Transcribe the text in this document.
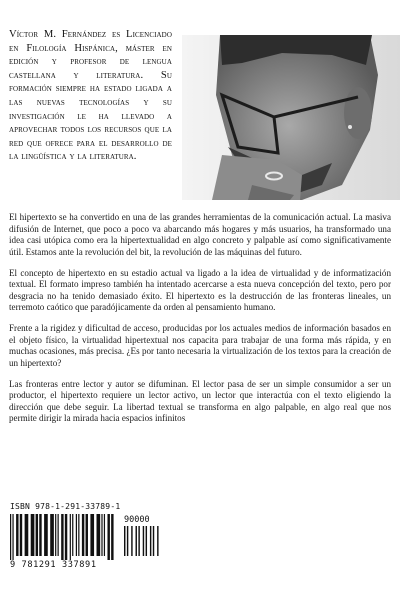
Víctor M. Fernández es Licenciado en Filología Hispánica, máster en edición y profesor de lengua castellana y literatura. Su formación siempre ha estado ligada a las nuevas tecnologías y su investigación le ha llevado a aprovechar todos los recursos que la red que ofrece para el desarrollo de la lingüística y la literatura.

El hipertexto se ha convertido en una de las grandes herramientas de la comunicación actual. La masiva difusión de Internet, que poco a poco va abarcando más hogares y más usuarios, ha transformado una idea casi utópica como era la hipertextualidad en algo concreto y palpable así como significativamente útil. Estamos ante la revolución del bit, la revolución de las máquinas del futuro.

El concepto de hipertexto en su estadio actual va ligado a la idea de virtualidad y de informatización textual. El formato impreso también ha intentado acercarse a esta nueva concepción del texto, pero por desgracia no ha tenido demasiado éxito. El hipertexto es la destrucción de las fronteras lineales, un terremoto caótico que paradójicamente da orden al pensamiento humano.

Frente a la rigidez y dificultad de acceso, producidas por los actuales medios de información basados en el objeto físico, la virtualidad hipertextual nos capacita para trabajar de una forma más rápida, y en muchas ocasiones, más precisa. ¿Es por tanto necesaria la virtualización de los textos para la creación de un hipertexto?

Las fronteras entre lector y autor se difuminan. El lector pasa de ser un simple consumidor a ser un productor, el hipertexto requiere un lector activo, un lector que interactúa con el texto eligiendo la dirección que debe seguir. La libertad textual se transforma en algo palpable, en algo real que nos permite dirigir la mirada hacia espacios infinitos

ISBN 978-1-291-33789-1
90000
9 781291 337891
